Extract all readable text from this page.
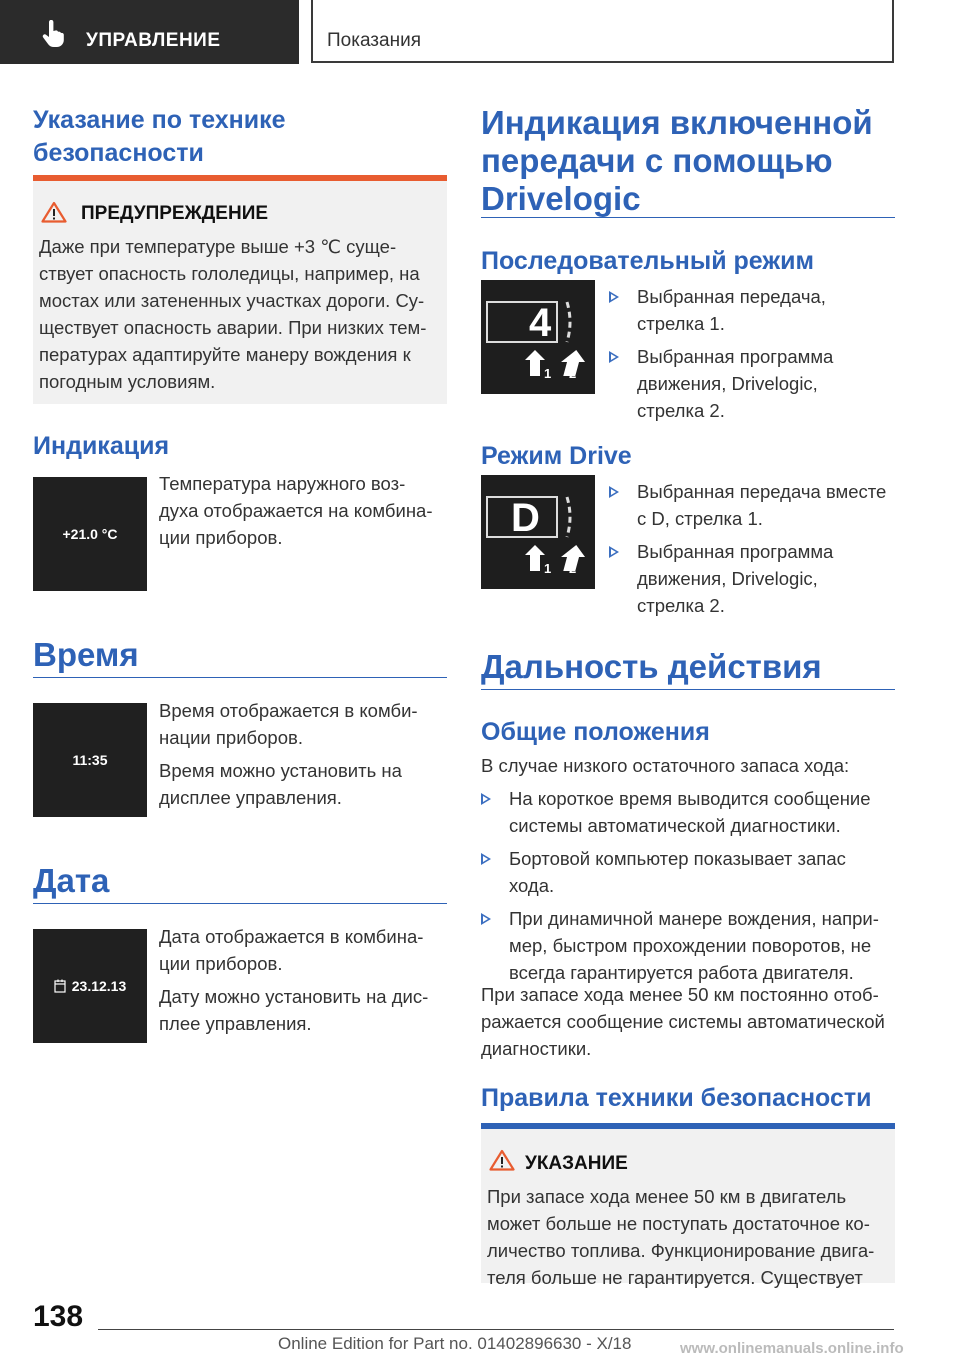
УПРАВЛЕНИЕ	Показания
Указание по технике безопасности
ПРЕДУПРЕЖДЕНИЕ
Даже при температуре выше +3 ℃ суще-
ствует опасность гололедицы, например, на
мостах или затененных участках дороги. Су-
ществует опасность аварии. При низких тем-
пературах адаптируйте манеру вождения к
погодным условиям.
Индикация
+21.0 °C
Температура наружного воз-
духа отображается на комбина-
ции приборов.
Время
11:35
Время отображается в комби-
нации приборов.
Время можно установить на
дисплее управления.
Дата
23.12.13
Дата отображается в комбина-
ции приборов.
Дату можно установить на дис-
плее управления.
Индикация включенной
передачи с помощью
Drivelogic
Последовательный режим
4
1 2
Выбранная передача,
стрелка 1.
Выбранная программа
движения, Drivelogic,
стрелка 2.
Режим Drive
D
1 2
Выбранная передача вместе
с D, стрелка 1.
Выбранная программа
движения, Drivelogic,
стрелка 2.
Дальность действия
Общие положения
В случае низкого остаточного запаса хода:
На короткое время выводится сообщение
системы автоматической диагностики.
Бортовой компьютер показывает запас
хода.
При динамичной манере вождения, напри-
мер, быстром прохождении поворотов, не
всегда гарантируется работа двигателя.
При запасе хода менее 50 км постоянно отоб-
ражается сообщение системы автоматической
диагностики.
Правила техники безопасности
УКАЗАНИЕ
При запасе хода менее 50 км в двигатель
может больше не поступать достаточное ко-
личество топлива. Функционирование двига-
теля больше не гарантируется. Существует
138
Online Edition for Part no. 01402896630 - X/18	www.onlinemanuals.online.info
